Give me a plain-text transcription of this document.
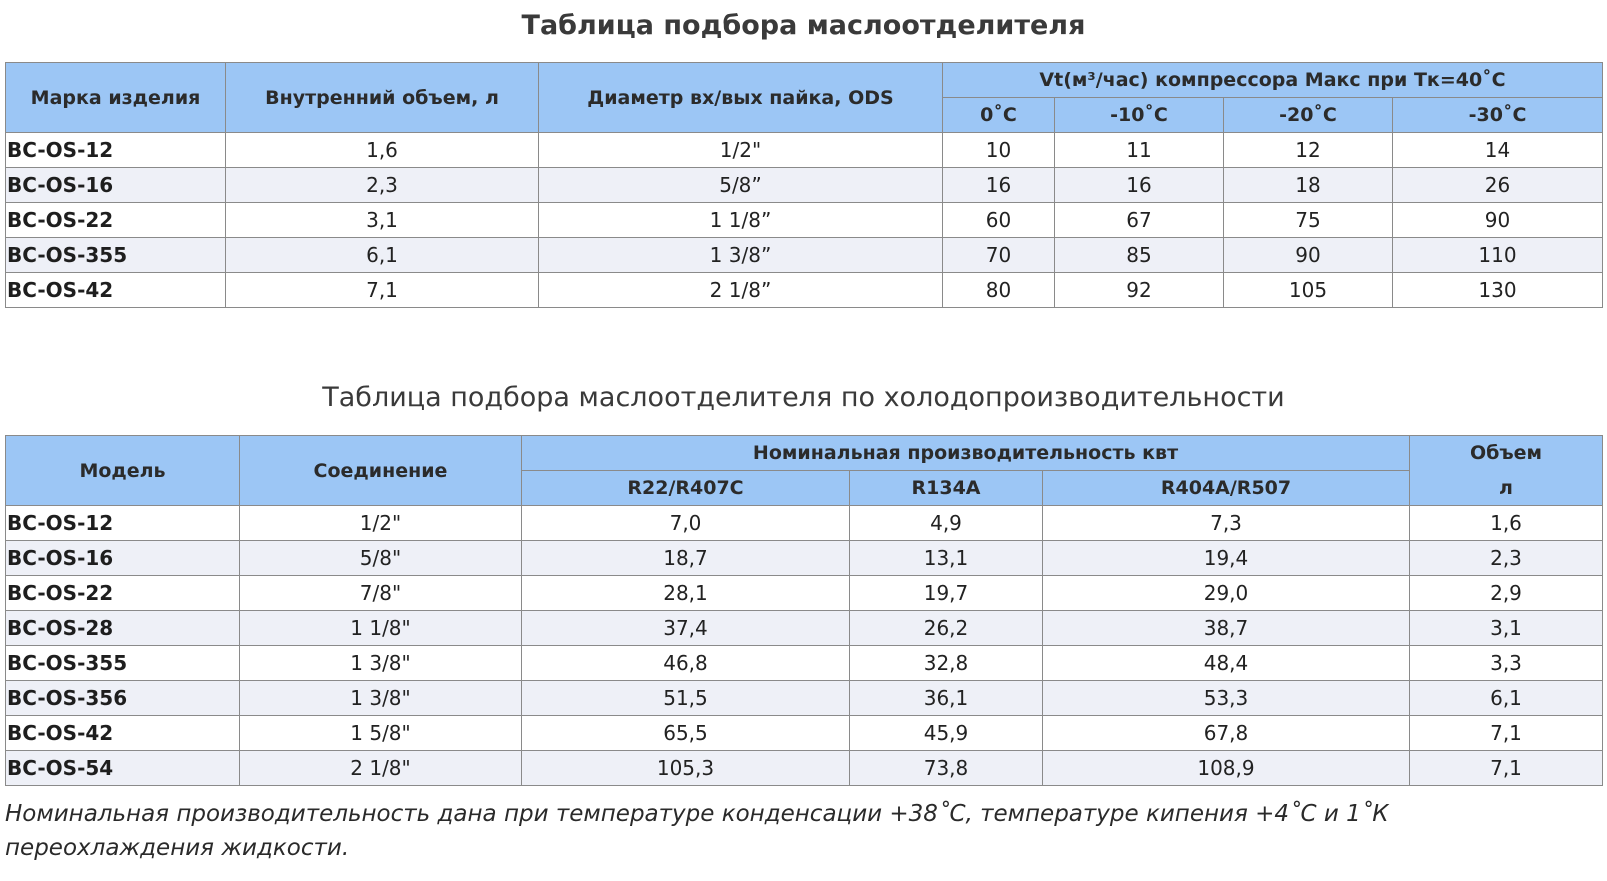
Таблица подбора маслоотделителя
Марка изделия	Внутренний объем, л	Диаметр вх/вых пайка, ODS	Vt(м³/час) компрессора Макс при Тк=40˚С			
			0˚С	-10˚С	-20˚С	-30˚С
BC-OS-12	1,6	1/2"	10	11	12	14
BC-OS-16	2,3	5/8”	16	16	18	26
BC-OS-22	3,1	1 1/8”	60	67	75	90
BC-OS-355	6,1	1 3/8”	70	85	90	110
BC-OS-42	7,1	2 1/8”	80	92	105	130
Таблица подбора маслоотделителя по холодопроизводительности
Модель	Соединение	Номинальная производительность квт			Объем
		R22/R407C	R134A	R404A/R507	л
BC-OS-12	1/2"	7,0	4,9	7,3	1,6
BC-OS-16	5/8"	18,7	13,1	19,4	2,3
BC-OS-22	7/8"	28,1	19,7	29,0	2,9
BC-OS-28	1 1/8"	37,4	26,2	38,7	3,1
BC-OS-355	1 3/8"	46,8	32,8	48,4	3,3
BC-OS-356	1 3/8"	51,5	36,1	53,3	6,1
BC-OS-42	1 5/8"	65,5	45,9	67,8	7,1
BC-OS-54	2 1/8"	105,3	73,8	108,9	7,1

Номинальная производительность дана при температуре конденсации +38˚С, температуре кипения +4˚С и 1˚К переохлаждения жидкости.
